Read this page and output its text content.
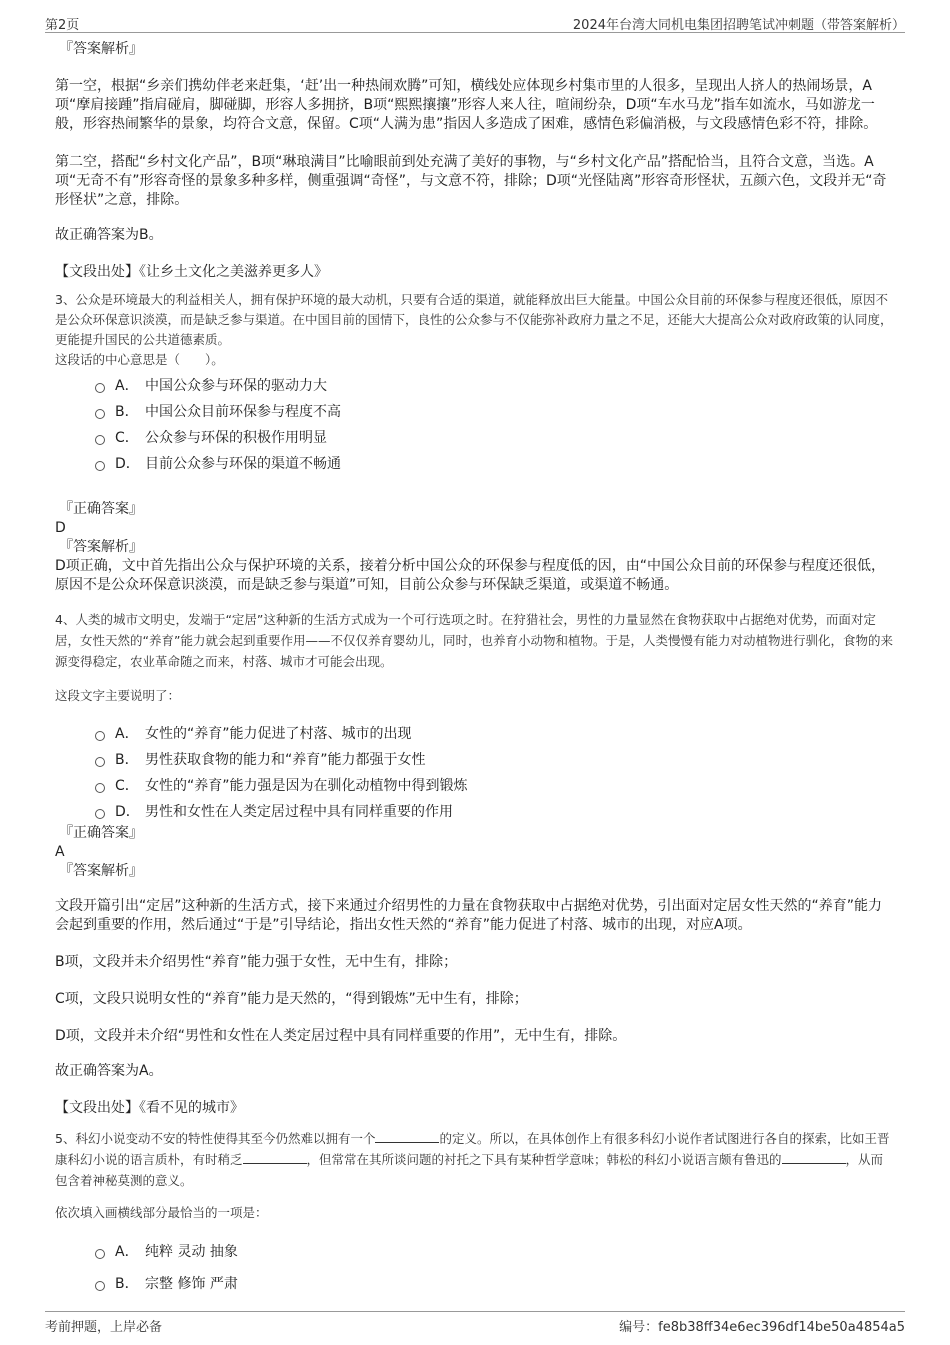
第2页	2024年台湾大同机电集团招聘笔试冲刺题（带答案解析）

『答案解析』

第一空，根据“乡亲们携幼伴老来赶集，‘赶’出一种热闹欢腾”可知，横线处应体现乡村集市里的人很多，呈现出人挤人的热闹场景，A项“摩肩接踵”指肩碰肩，脚碰脚，形容人多拥挤，B项“熙熙攘攘”形容人来人往，喧闹纷杂，D项“车水马龙”指车如流水，马如游龙一般，形容热闹繁华的景象，均符合文意，保留。C项“人满为患”指因人多造成了困难，感情色彩偏消极，与文段感情色彩不符，排除。

第二空，搭配“乡村文化产品”，B项“琳琅满目”比喻眼前到处充满了美好的事物，与“乡村文化产品”搭配恰当，且符合文意，当选。A项“无奇不有”形容奇怪的景象多种多样，侧重强调“奇怪”，与文意不符，排除；D项“光怪陆离”形容奇形怪状，五颜六色，文段并无“奇形怪状”之意，排除。

故正确答案为B。

【文段出处】《让乡土文化之美滋养更多人》

3、公众是环境最大的利益相关人，拥有保护环境的最大动机，只要有合适的渠道，就能释放出巨大能量。中国公众目前的环保参与程度还很低，原因不是公众环保意识淡漠，而是缺乏参与渠道。在中国目前的国情下，良性的公众参与不仅能弥补政府力量之不足，还能大大提高公众对政府政策的认同度，更能提升国民的公共道德素质。

这段话的中心意思是（　　）。

A． 中国公众参与环保的驱动力大
B． 中国公众目前环保参与程度不高
C． 公众参与环保的积极作用明显
D． 目前公众参与环保的渠道不畅通

『正确答案』

D

『答案解析』

D项正确，文中首先指出公众与保护环境的关系，接着分析中国公众的环保参与程度低的因，由“中国公众目前的环保参与程度还很低，原因不是公众环保意识淡漠，而是缺乏参与渠道”可知，目前公众参与环保缺乏渠道，或渠道不畅通。

4、人类的城市文明史，发端于“定居”这种新的生活方式成为一个可行选项之时。在狩猎社会，男性的力量显然在食物获取中占据绝对优势，而面对定居，女性天然的“养育”能力就会起到重要作用——不仅仅养育婴幼儿，同时，也养育小动物和植物。于是，人类慢慢有能力对动植物进行驯化，食物的来源变得稳定，农业革命随之而来，村落、城市才可能会出现。

这段文字主要说明了：

A． 女性的“养育”能力促进了村落、城市的出现
B． 男性获取食物的能力和“养育”能力都强于女性
C． 女性的“养育”能力强是因为在驯化动植物中得到锻炼
D． 男性和女性在人类定居过程中具有同样重要的作用

『正确答案』

A

『答案解析』

文段开篇引出“定居”这种新的生活方式，接下来通过介绍男性的力量在食物获取中占据绝对优势，引出面对定居女性天然的“养育”能力会起到重要的作用，然后通过“于是”引导结论，指出女性天然的“养育”能力促进了村落、城市的出现，对应A项。

B项，文段并未介绍男性“养育”能力强于女性，无中生有，排除；

C项，文段只说明女性的“养育”能力是天然的，“得到锻炼”无中生有，排除；

D项，文段并未介绍“男性和女性在人类定居过程中具有同样重要的作用”，无中生有，排除。

故正确答案为A。

【文段出处】《看不见的城市》

5、科幻小说变动不安的特性使得其至今仍然难以拥有一个	的定义。所以，在具体创作上有很多科幻小说作者试图进行各自的探索，比如王晋康科幻小说的语言质朴，有时稍乏	，但常常在其所谈问题的衬托之下具有某种哲学意味；韩松的科幻小说语言颇有鲁迅的	，从而包含着神秘莫测的意义。

依次填入画横线部分最恰当的一项是：

A． 纯粹 灵动 抽象
B． 宗整 修饰 严肃
考前押题，上岸必备	编号：fe8b38ff34e6ec396df14be50a4854a5
